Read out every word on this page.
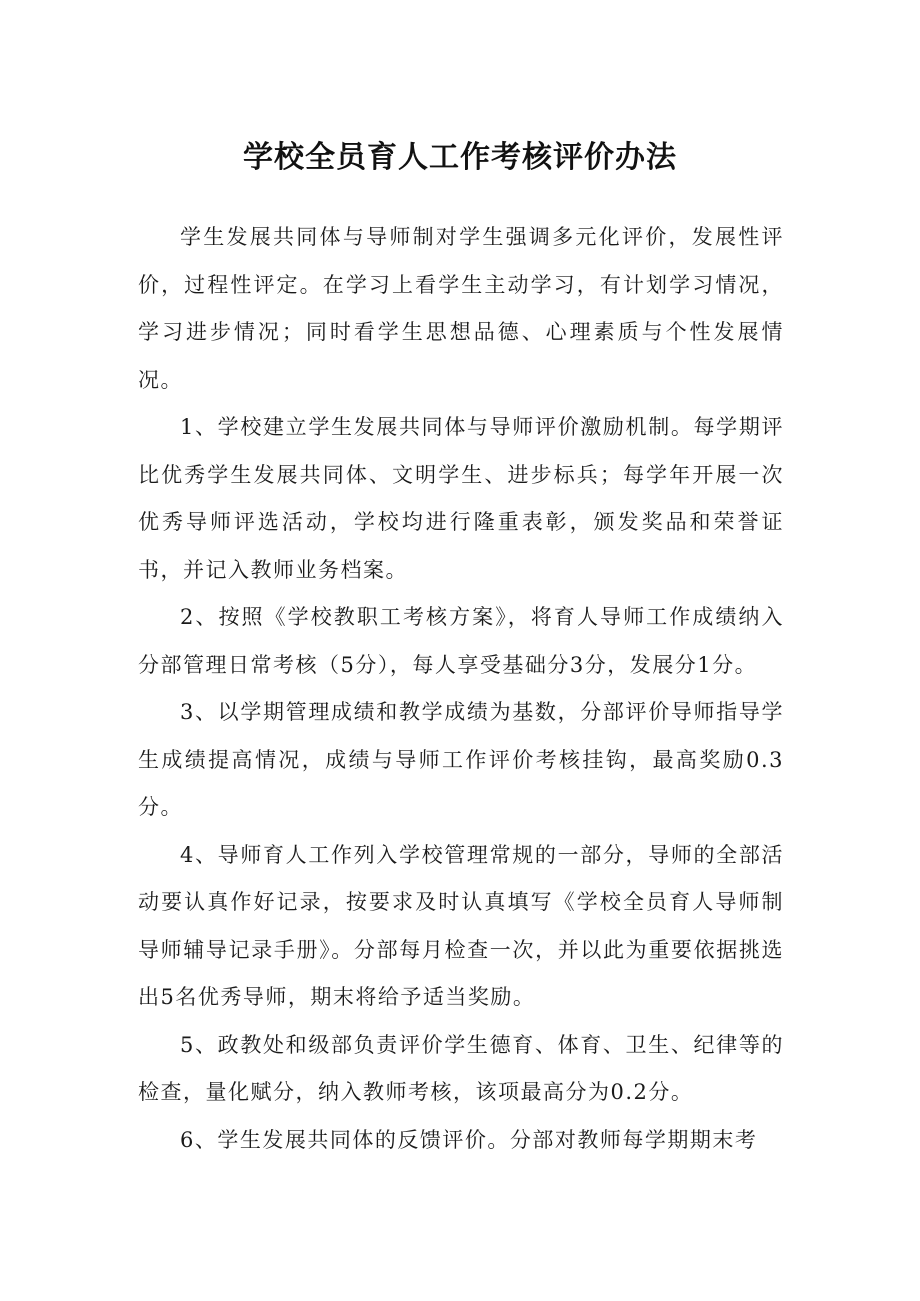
学校全员育人工作考核评价办法

学生发展共同体与导师制对学生强调多元化评价，发展性评价，过程性评定。在学习上看学生主动学习，有计划学习情况，学习进步情况；同时看学生思想品德、心理素质与个性发展情况。

1、学校建立学生发展共同体与导师评价激励机制。每学期评比优秀学生发展共同体、文明学生、进步标兵；每学年开展一次优秀导师评选活动，学校均进行隆重表彰，颁发奖品和荣誉证书，并记入教师业务档案。

2、按照《学校教职工考核方案》，将育人导师工作成绩纳入分部管理日常考核（5分），每人享受基础分3分，发展分1分。

3、以学期管理成绩和教学成绩为基数，分部评价导师指导学生成绩提高情况，成绩与导师工作评价考核挂钩，最高奖励0.3分。

4、导师育人工作列入学校管理常规的一部分，导师的全部活动要认真作好记录，按要求及时认真填写《学校全员育人导师制导师辅导记录手册》。分部每月检查一次，并以此为重要依据挑选出5名优秀导师，期末将给予适当奖励。

5、政教处和级部负责评价学生德育、体育、卫生、纪律等的检查，量化赋分，纳入教师考核，该项最高分为0.2分。

6、学生发展共同体的反馈评价。分部对教师每学期期末考
